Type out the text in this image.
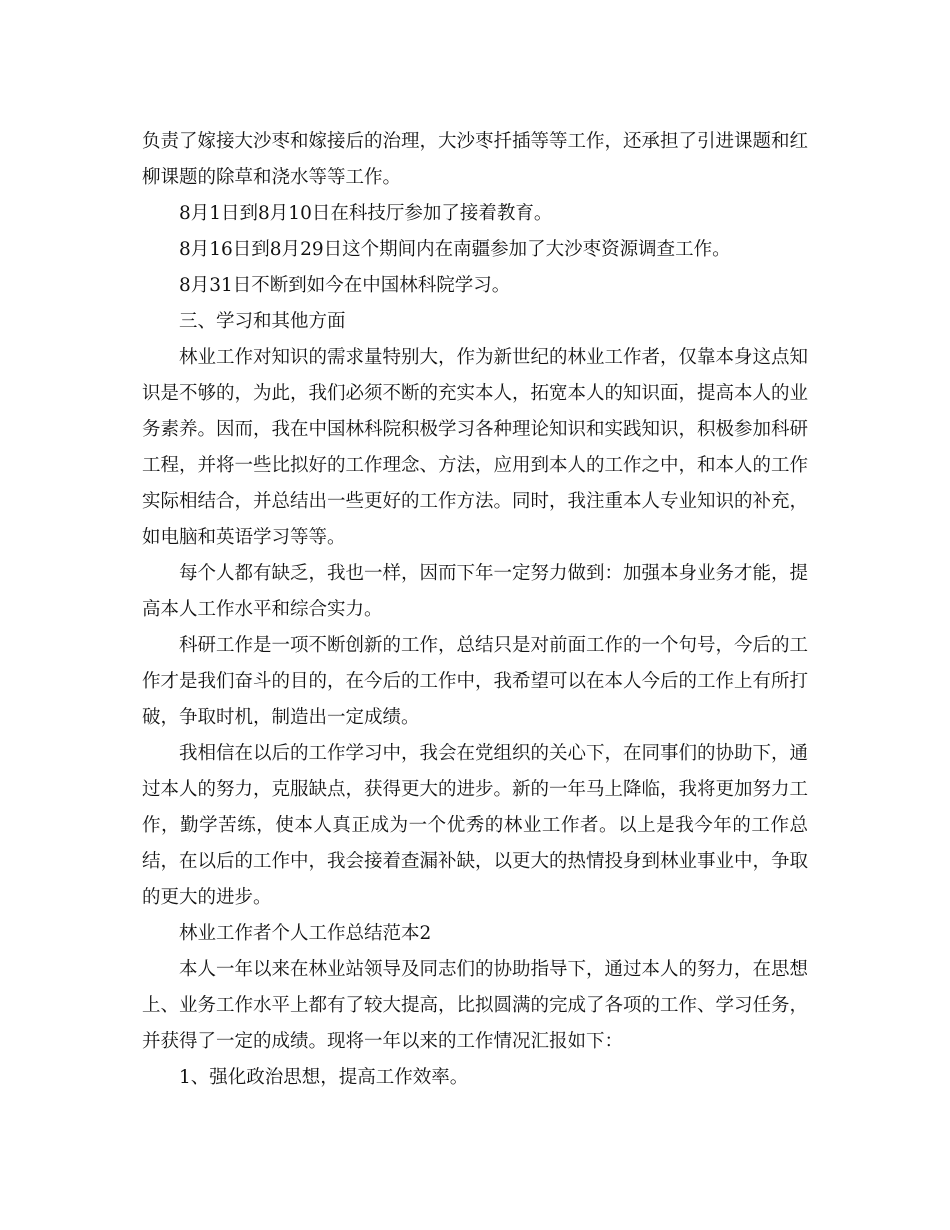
负责了嫁接大沙枣和嫁接后的治理，大沙枣扦插等等工作，还承担了引进课题和红柳课题的除草和浇水等等工作。

8月1日到8月10日在科技厅参加了接着教育。

8月16日到8月29日这个期间内在南疆参加了大沙枣资源调查工作。

8月31日不断到如今在中国林科院学习。

三、学习和其他方面

林业工作对知识的需求量特别大，作为新世纪的林业工作者，仅靠本身这点知识是不够的，为此，我们必须不断的充实本人，拓宽本人的知识面，提高本人的业务素养。因而，我在中国林科院积极学习各种理论知识和实践知识，积极参加科研工程，并将一些比拟好的工作理念、方法，应用到本人的工作之中，和本人的工作实际相结合，并总结出一些更好的工作方法。同时，我注重本人专业知识的补充，如电脑和英语学习等等。

每个人都有缺乏，我也一样，因而下年一定努力做到：加强本身业务才能，提高本人工作水平和综合实力。

科研工作是一项不断创新的工作，总结只是对前面工作的一个句号，今后的工作才是我们奋斗的目的，在今后的工作中，我希望可以在本人今后的工作上有所打破，争取时机，制造出一定成绩。

我相信在以后的工作学习中，我会在党组织的关心下，在同事们的协助下，通过本人的努力，克服缺点，获得更大的进步。新的一年马上降临，我将更加努力工作，勤学苦练，使本人真正成为一个优秀的林业工作者。以上是我今年的工作总结，在以后的工作中，我会接着查漏补缺，以更大的热情投身到林业事业中，争取的更大的进步。

林业工作者个人工作总结范本2

本人一年以来在林业站领导及同志们的协助指导下，通过本人的努力，在思想上、业务工作水平上都有了较大提高，比拟圆满的完成了各项的工作、学习任务，并获得了一定的成绩。现将一年以来的工作情况汇报如下：

1、强化政治思想，提高工作效率。
